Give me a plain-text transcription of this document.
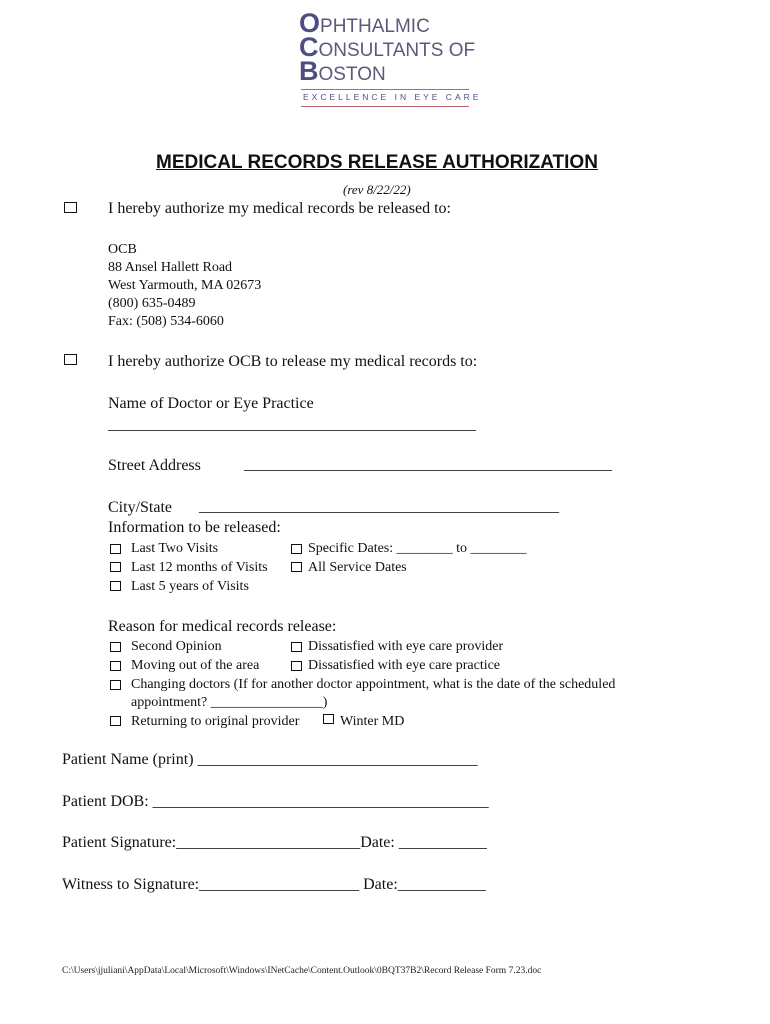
OPHTHALMIC
CONSULTANTS OF
BOSTON
EXCELLENCE IN EYE CARE
MEDICAL RECORDS RELEASE AUTHORIZATION
(rev 8/22/22)
I hereby authorize my medical records be released to:
OCB
88 Ansel Hallett Road
West Yarmouth, MA 02673
(800) 635-0489
Fax: (508) 534-6060
I hereby authorize OCB to release my medical records to:
Name of Doctor or Eye Practice
______________________________________________
Street Address	______________________________________________
City/State _____________________________________________
Information to be released:
Last Two Visits	Specific Dates: ________ to ________
Last 12 months of Visits	All Service Dates
Last 5 years of Visits
Reason for medical records release:
Second Opinion	Dissatisfied with eye care provider
Moving out of the area	Dissatisfied with eye care practice
Changing doctors (If for another doctor appointment, what is the date of the scheduled
appointment? ________________)
Returning to original provider	Winter MD
Patient Name (print) ___________________________________
Patient DOB: __________________________________________
Patient Signature:_______________________Date: ___________
Witness to Signature:____________________ Date:___________
C:\Users\jjuliani\AppData\Local\Microsoft\Windows\INetCache\Content.Outlook\0BQT37B2\Record Release Form 7.23.doc
